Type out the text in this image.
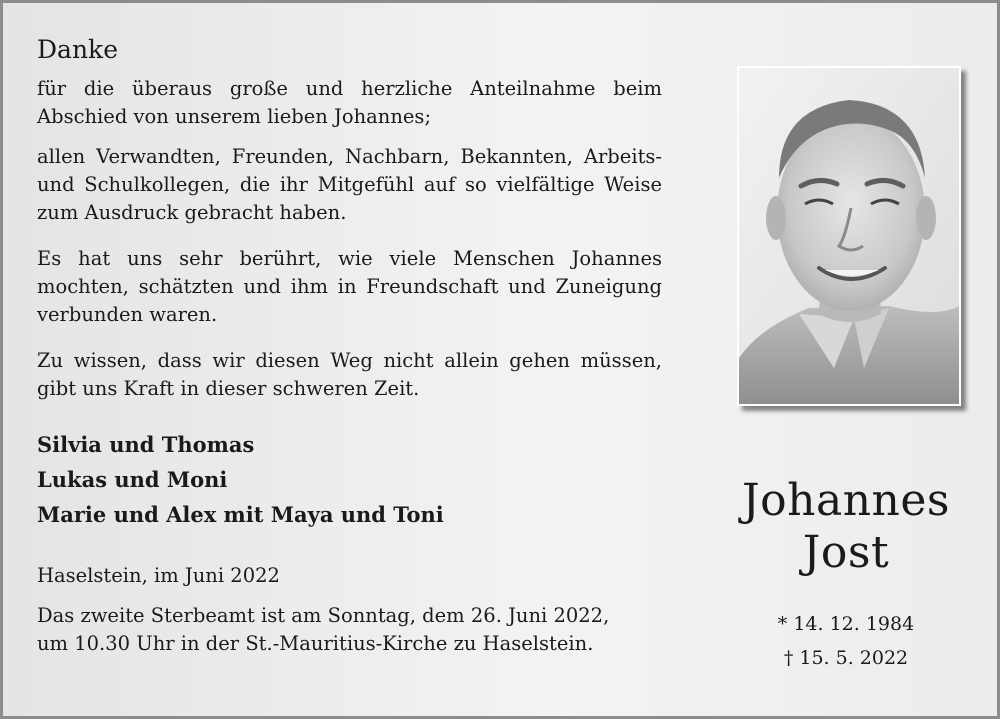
Danke

für die überaus große und herzliche Anteilnahme beim Abschied von unserem lieben Johannes;

allen Verwandten, Freunden, Nachbarn, Bekannten, Arbeits- und Schulkollegen, die ihr Mitgefühl auf so vielfältige Weise zum Ausdruck gebracht haben.

Es hat uns sehr berührt, wie viele Menschen Johannes mochten, schätzten und ihm in Freundschaft und Zuneigung verbunden waren.

Zu wissen, dass wir diesen Weg nicht allein gehen müssen, gibt uns Kraft in dieser schweren Zeit.

Silvia und Thomas
Lukas und Moni
Marie und Alex mit Maya und Toni
Haselstein, im Juni 2022
Das zweite Sterbeamt ist am Sonntag, dem 26. Juni 2022,
um 10.30 Uhr in der St.-Mauritius-Kirche zu Haselstein.
Johannes
Jost
* 14. 12. 1984
† 15. 5. 2022
